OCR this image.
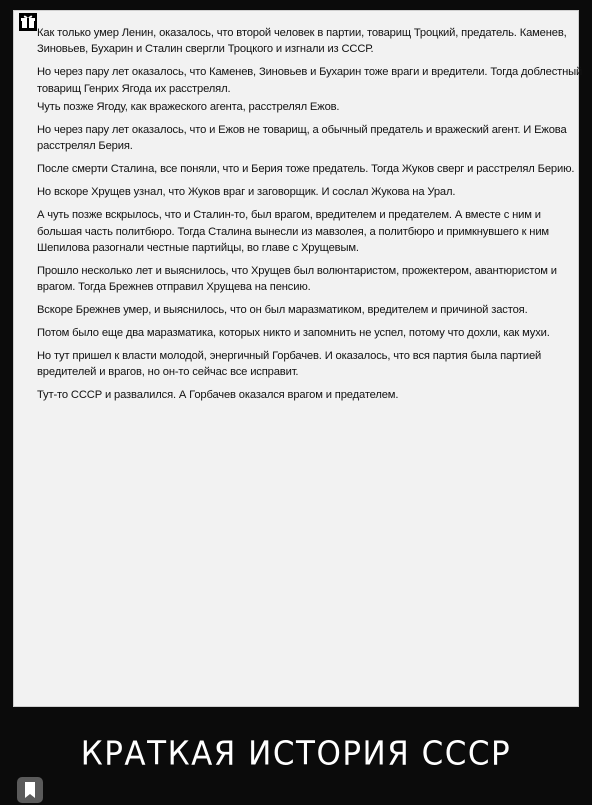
Как только умер Ленин, оказалось, что второй человек в партии, товарищ Троцкий, предатель. Каменев, Зиновьев, Бухарин и Сталин свергли Троцкого и изгнали из СССР.

Но через пару лет оказалось, что Каменев, Зиновьев и Бухарин тоже враги и вредители. Тогда доблестный товарищ Генрих Ягода их расстрелял.

Чуть позже Ягоду, как вражеского агента, расстрелял Ежов.

Но через пару лет оказалось, что и Ежов не товарищ, а обычный предатель и вражеский агент. И Ежова расстрелял Берия.

После смерти Сталина, все поняли, что и Берия тоже предатель. Тогда Жуков сверг и расстрелял Берию.

Но вскоре Хрущев узнал, что Жуков враг и заговорщик. И сослал Жукова на Урал.

А чуть позже вскрылось, что и Сталин-то, был врагом, вредителем и предателем. А вместе с ним и большая часть политбюро. Тогда Сталина вынесли из мавзолея, а политбюро и примкнувшего к ним Шепилова разогнали честные партийцы, во главе с Хрущевым.

Прошло несколько лет и выяснилось, что Хрущев был волюнтаристом, прожектером, авантюристом и врагом. Тогда Брежнев отправил Хрущева на пенсию.

Вскоре Брежнев умер, и выяснилось, что он был маразматиком, вредителем и причиной застоя.

Потом было еще два маразматика, которых никто и запомнить не успел, потому что дохли, как мухи.

Но тут пришел к власти молодой, энергичный Горбачев. И оказалось, что вся партия была партией вредителей и врагов, но он-то сейчас все исправит.

Тут-то СССР и развалился. А Горбачев оказался врагом и предателем.

КРАТКАЯ ИСТОРИЯ СССР
